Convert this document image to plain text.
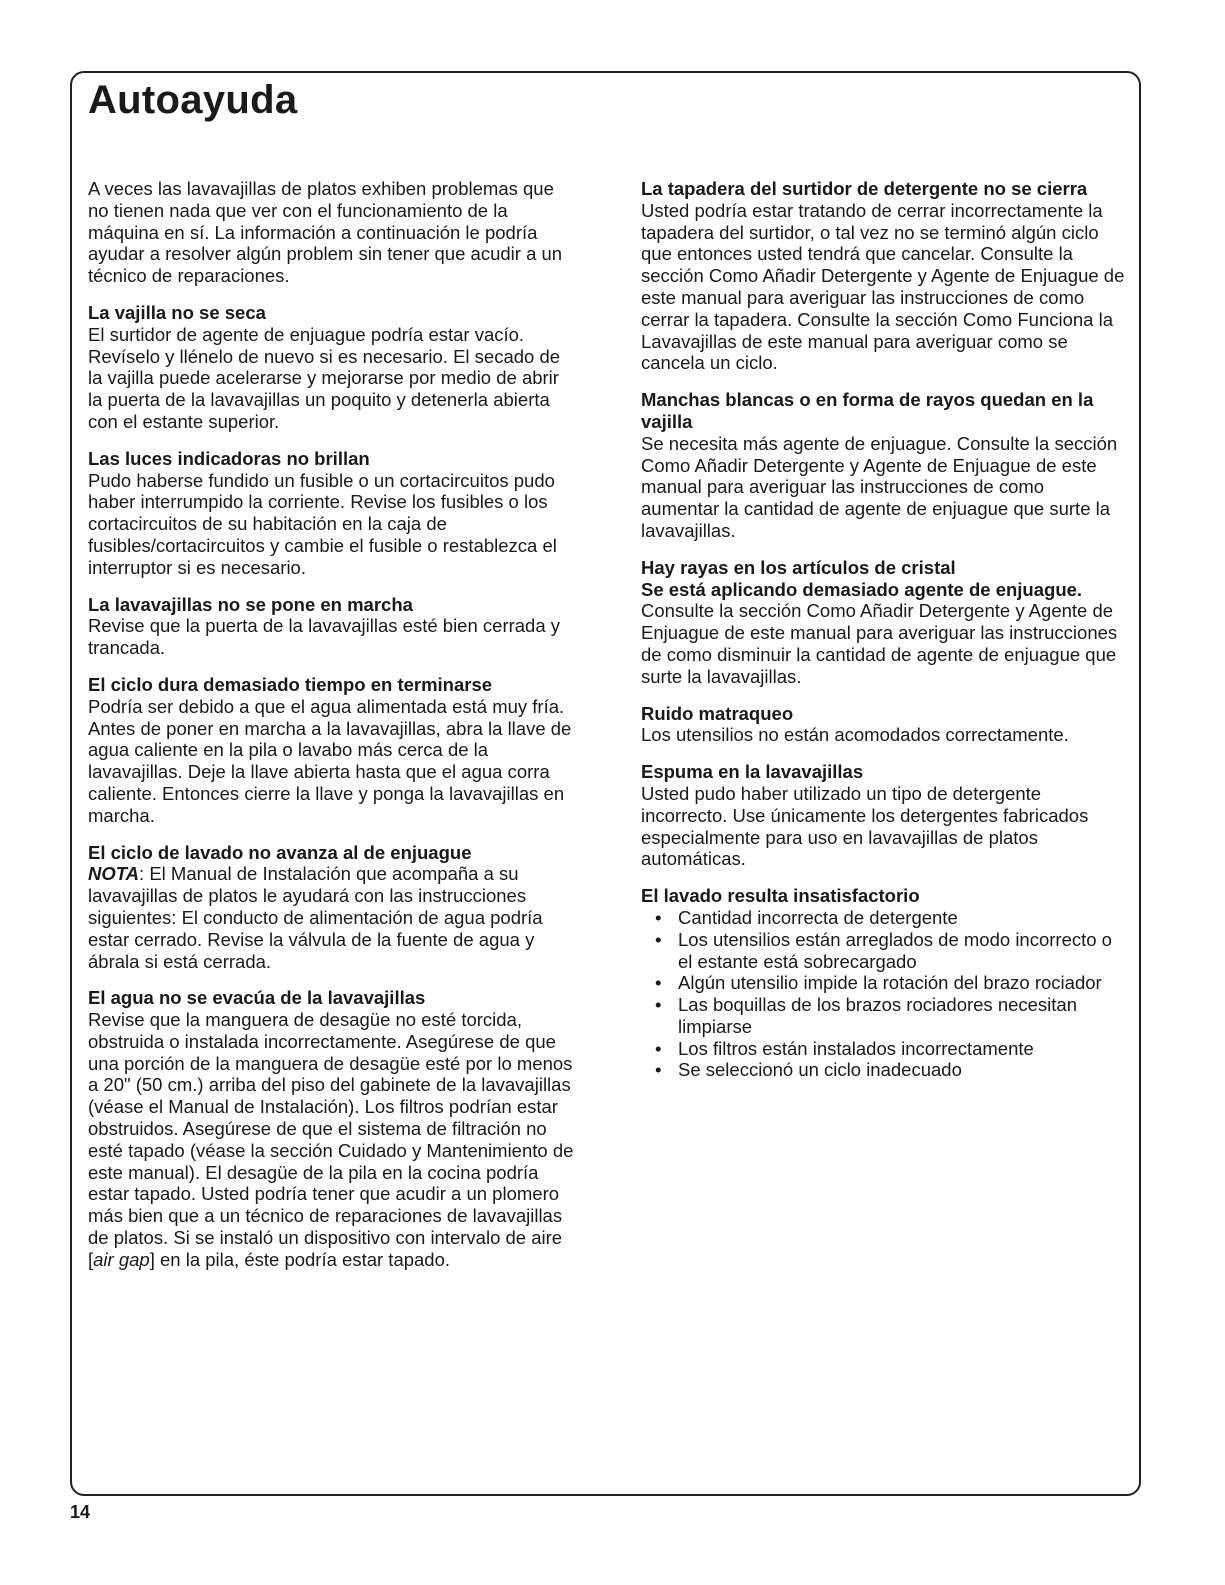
Autoayuda

A veces las lavavajillas de platos exhiben problemas que no tienen nada que ver con el funcionamiento de la máquina en sí. La información a continuación le podría ayudar a resolver algún problem sin tener que acudir a un técnico de reparaciones.

La vajilla no se seca

El surtidor de agente de enjuague podría estar vacío. Revíselo y llénelo de nuevo si es necesario. El secado de la vajilla puede acelerarse y mejorarse por medio de abrir la puerta de la lavavajillas un poquito y detenerla abierta con el estante superior.

Las luces indicadoras no brillan

Pudo haberse fundido un fusible o un cortacircuitos pudo haber interrumpido la corriente. Revise los fusibles o los cortacircuitos de su habitación en la caja de fusibles/cortacircuitos y cambie el fusible o restablezca el interruptor si es necesario.

La lavavajillas no se pone en marcha

Revise que la puerta de la lavavajillas esté bien cerrada y trancada.

El ciclo dura demasiado tiempo en terminarse

Podría ser debido a que el agua alimentada está muy fría. Antes de poner en marcha a la lavavajillas, abra la llave de agua caliente en la pila o lavabo más cerca de la lavavajillas. Deje la llave abierta hasta que el agua corra caliente. Entonces cierre la llave y ponga la lavavajillas en marcha.

El ciclo de lavado no avanza al de enjuague

NOTA: El Manual de Instalación que acompaña a su lavavajillas de platos le ayudará con las instrucciones siguientes: El conducto de alimentación de agua podría estar cerrado. Revise la válvula de la fuente de agua y ábrala si está cerrada.

El agua no se evacúa de la lavavajillas

Revise que la manguera de desagüe no esté torcida, obstruida o instalada incorrectamente. Asegúrese de que una porción de la manguera de desagüe esté por lo menos a 20" (50 cm.) arriba del piso del gabinete de la lavavajillas (véase el Manual de Instalación). Los filtros podrían estar obstruidos. Asegúrese de que el sistema de filtración no esté tapado (véase la sección Cuidado y Mantenimiento de este manual). El desagüe de la pila en la cocina podría estar tapado. Usted podría tener que acudir a un plomero más bien que a un técnico de reparaciones de lavavajillas de platos. Si se instaló un dispositivo con intervalo de aire [air gap] en la pila, éste podría estar tapado.

La tapadera del surtidor de detergente no se cierra

Usted podría estar tratando de cerrar incorrectamente la tapadera del surtidor, o tal vez no se terminó algún ciclo que entonces usted tendrá que cancelar. Consulte la sección Como Añadir Detergente y Agente de Enjuague de este manual para averiguar las instrucciones de como cerrar la tapadera. Consulte la sección Como Funciona la Lavavajillas de este manual para averiguar como se cancela un ciclo.

Manchas blancas o en forma de rayos quedan en la vajilla

Se necesita más agente de enjuague. Consulte la sección Como Añadir Detergente y Agente de Enjuague de este manual para averiguar las instrucciones de como aumentar la cantidad de agente de enjuague que surte la lavavajillas.

Hay rayas en los artículos de cristal

Se está aplicando demasiado agente de enjuague. Consulte la sección Como Añadir Detergente y Agente de Enjuague de este manual para averiguar las instrucciones de como disminuir la cantidad de agente de enjuague que surte la lavavajillas.

Ruido matraqueo

Los utensilios no están acomodados correctamente.

Espuma en la lavavajillas

Usted pudo haber utilizado un tipo de detergente incorrecto. Use únicamente los detergentes fabricados especialmente para uso en lavavajillas de platos automáticas.

El lavado resulta insatisfactorio

• Cantidad incorrecta de detergente
• Los utensilios están arreglados de modo incorrecto o el estante está sobrecargado
• Algún utensilio impide la rotación del brazo rociador
• Las boquillas de los brazos rociadores necesitan limpiarse
• Los filtros están instalados incorrectamente
• Se seleccionó un ciclo inadecuado

14
